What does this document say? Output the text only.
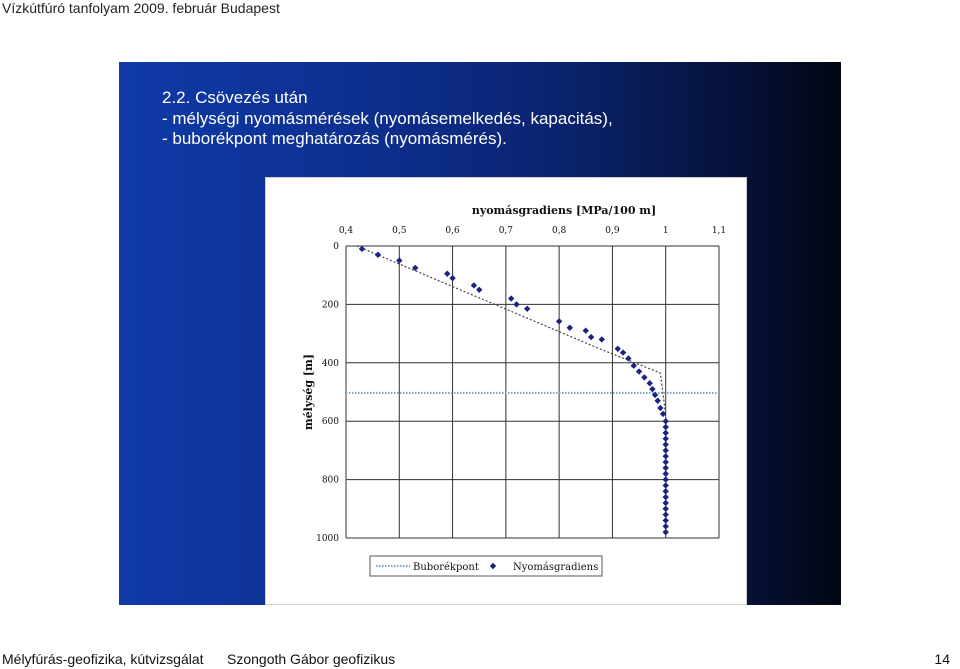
Vízkútfúró tanfolyam 2009. február Budapest
2.2. Csövezés után
- mélységi nyomásmérések (nyomásemelkedés, kapacitás),
- buborékpont meghatározás (nyomásmérés).
0,4	0,5	0,6	0,7	0,8	0,9	1	1,1
0
200
400
600
800
1000
Buborékpont	Nyomásgradiens
nyomásgradiens [MPa/100 m]
mélység [m]
Mélyfúrás-geofizika, kútvizsgálat Szongoth Gábor geofizikus	14
